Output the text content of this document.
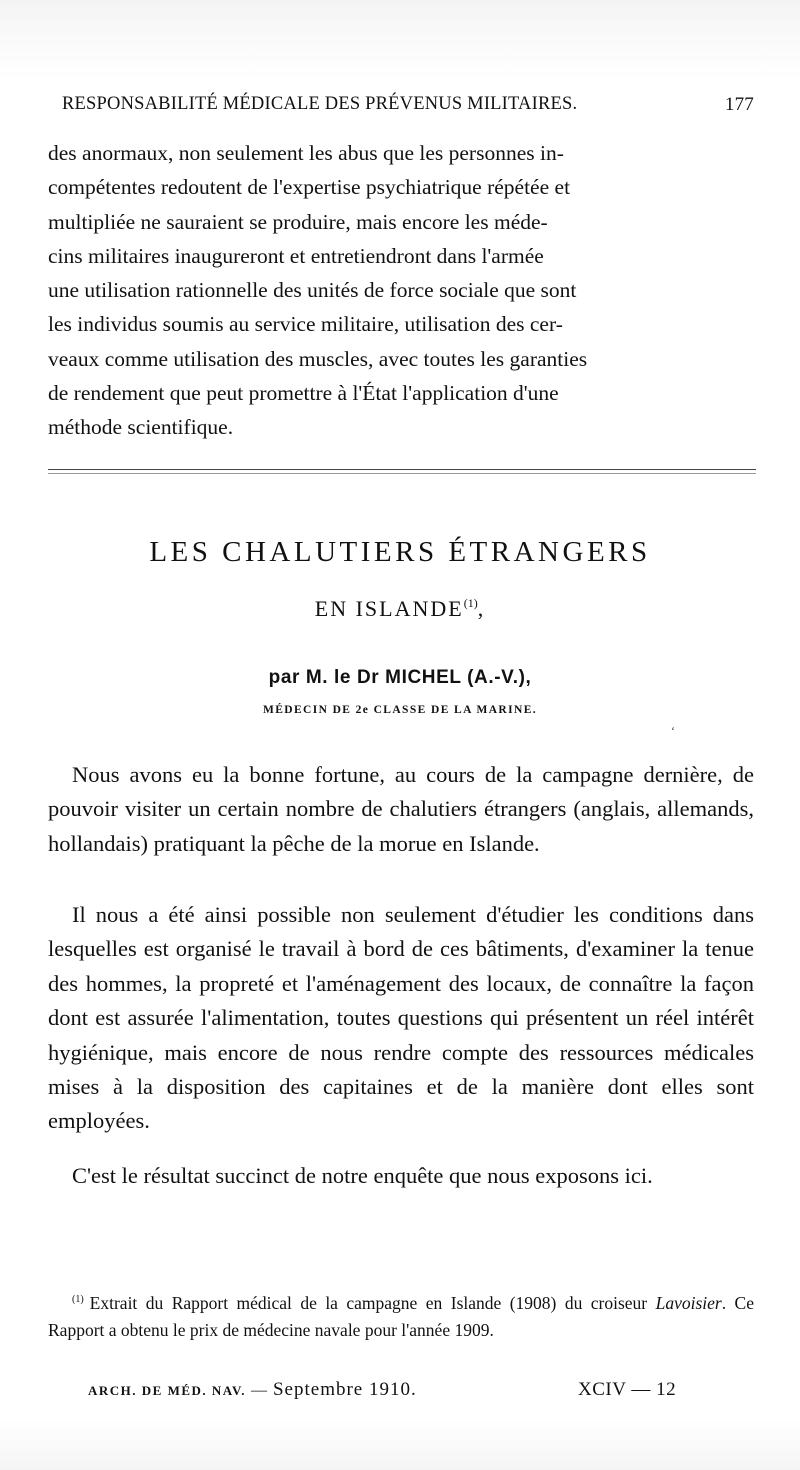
RESPONSABILITÉ MÉDICALE DES PRÉVENUS MILITAIRES.	177
des anormaux, non seulement les abus que les personnes in-
compétentes redoutent de l'expertise psychiatrique répétée et
multipliée ne sauraient se produire, mais encore les méde-
cins militaires inaugureront et entretiendront dans l'armée
une utilisation rationnelle des unités de force sociale que sont
les individus soumis au service militaire, utilisation des cer-
veaux comme utilisation des muscles, avec toutes les garanties
de rendement que peut promettre à l'État l'application d'une
méthode scientifique.
LES CHALUTIERS ÉTRANGERS
EN ISLANDE$^{(1)}$,
par M. le Dr MICHEL (A.-V.),
MÉDECIN DE 2e CLASSE DE LA MARINE.
‘

Nous avons eu la bonne fortune, au cours de la campagne dernière, de pouvoir visiter un certain nombre de chalutiers étrangers (anglais, allemands, hollandais) pratiquant la pêche de la morue en Islande.

Il nous a été ainsi possible non seulement d'étudier les conditions dans lesquelles est organisé le travail à bord de ces bâtiments, d'examiner la tenue des hommes, la propreté et l'aménagement des locaux, de connaître la façon dont est assurée l'alimentation, toutes questions qui présentent un réel intérêt hygiénique, mais encore de nous rendre compte des ressources médicales mises à la disposition des capitaines et de la manière dont elles sont employées.

C'est le résultat succinct de notre enquête que nous exposons ici.

$^{(1)}$ Extrait du Rapport médical de la campagne en Islande (1908) du croiseur Lavoisier. Ce Rapport a obtenu le prix de médecine navale pour l'année 1909.
ARCH. DE MÉD. NAV. — Septembre 1910.	XCIV — 12
